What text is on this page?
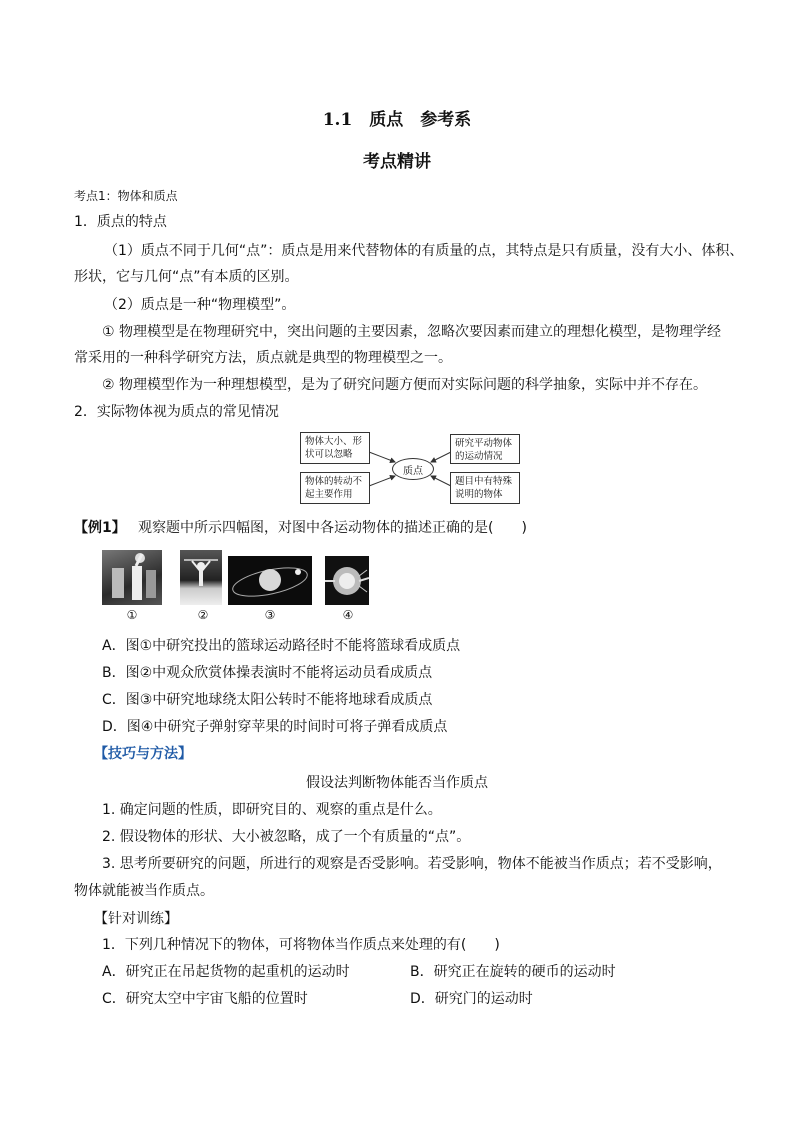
1.1　质点　参考系
考点精讲
考点1：物体和质点
1．质点的特点
（1）质点不同于几何“点”：质点是用来代替物体的有质量的点，其特点是只有质量，没有大小、体积、
形状，它与几何“点”有本质的区别。
（2）质点是一种“物理模型”。
① 物理模型是在物理研究中，突出问题的主要因素，忽略次要因素而建立的理想化模型，是物理学经
常采用的一种科学研究方法，质点就是典型的物理模型之一。
② 物理模型作为一种理想模型，是为了研究问题方便而对实际问题的科学抽象，实际中并不存在。
2．实际物体视为质点的常见情况
物体大小、形状可以忽略
物体的转动不起主要作用
质点
研究平动物体的运动情况
题目中有特殊说明的物体
【例1】 观察题中所示四幅图，对图中各运动物体的描述正确的是(　　)
①	②	③	④
A．图①中研究投出的篮球运动路径时不能将篮球看成质点
B．图②中观众欣赏体操表演时不能将运动员看成质点
C．图③中研究地球绕太阳公转时不能将地球看成质点
D．图④中研究子弹射穿苹果的时间时可将子弹看成质点
【技巧与方法】
假设法判断物体能否当作质点
1. 确定问题的性质，即研究目的、观察的重点是什么。
2. 假设物体的形状、大小被忽略，成了一个有质量的“点”。
3. 思考所要研究的问题，所进行的观察是否受影响。若受影响，物体不能被当作质点；若不受影响，
物体就能被当作质点。
【针对训练】
1．下列几种情况下的物体，可将物体当作质点来处理的有(　　)
A．研究正在吊起货物的起重机的运动时	B．研究正在旋转的硬币的运动时
C．研究太空中宇宙飞船的位置时	D．研究门的运动时
